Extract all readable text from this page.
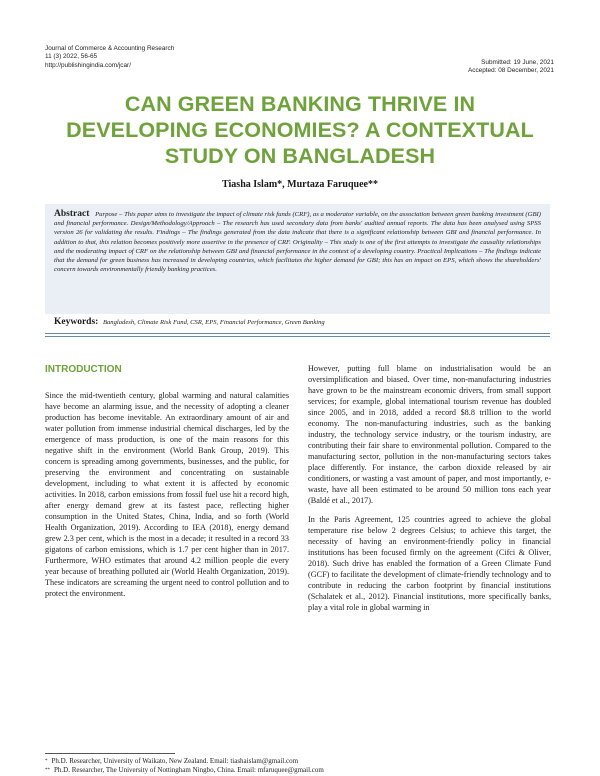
Journal of Commerce & Accounting Research
11 (3) 2022, 56-65
http://publishingindia.com/jcar/	Submitted: 19 June, 2021
Accepted: 08 December, 2021
CAN GREEN BANKING THRIVE IN
DEVELOPING ECONOMIES? A CONTEXTUAL
STUDY ON BANGLADESH
Tiasha Islam*, Murtaza Faruquee**
Abstract Purpose – This paper aims to investigate the impact of climate risk funds (CRF), as a moderator variable, on the association between green banking investment (GBI) and financial performance. Design/Methodology/Approach – The research has used secondary data from banks' audited annual reports. The data has been analysed using SPSS version 26 for validating the results. Findings – The findings generated from the data indicate that there is a significant relationship between GBI and financial performance. In addition to that, this relation becomes positively more assertive in the presence of CRF. Originality – This study is one of the first attempts to investigate the causality relationships and the moderating impact of CRF on the relationship between GBI and financial performance in the context of a developing country. Practical Implications – The findings indicate that the demand for green business has increased in developing countries, which facilitates the higher demand for GBI; this has an impact on EPS, which shows the shareholders' concern towards environmentally friendly banking practices.
Keywords: Bangladesh, Climate Risk Fund, CSR, EPS, Financial Performance, Green Banking
INTRODUCTION

Since the mid-twentieth century, global warming and natural calamities have become an alarming issue, and the necessity of adopting a cleaner production has become inevitable. An extraordinary amount of air and water pollution from immense industrial chemical discharges, led by the emergence of mass production, is one of the main reasons for this negative shift in the environment (World Bank Group, 2019). This concern is spreading among governments, businesses, and the public, for preserving the environment and concentrating on sustainable development, including to what extent it is affected by economic activities. In 2018, carbon emissions from fossil fuel use hit a record high, after energy demand grew at its fastest pace, reflecting higher consumption in the United States, China, India, and so forth (World Health Organization, 2019). According to IEA (2018), energy demand grew 2.3 per cent, which is the most in a decade; it resulted in a record 33 gigatons of carbon emissions, which is 1.7 per cent higher than in 2017. Furthermore, WHO estimates that around 4.2 million people die every year because of breathing polluted air (World Health Organization, 2019). These indicators are screaming the urgent need to control pollution and to protect the environment.

However, putting full blame on industrialisation would be an oversimplification and biased. Over time, non-manufacturing industries have grown to be the mainstream economic drivers, from small support services; for example, global international tourism revenue has doubled since 2005, and in 2018, added a record $8.8 trillion to the world economy. The non-manufacturing industries, such as the banking industry, the technology service industry, or the tourism industry, are contributing their fair share to environmental pollution. Compared to the manufacturing sector, pollution in the non-manufacturing sectors takes place differently. For instance, the carbon dioxide released by air conditioners, or wasting a vast amount of paper, and most importantly, e-waste, have all been estimated to be around 50 million tons each year (Baldé et al., 2017).

In the Paris Agreement, 125 countries agreed to achieve the global temperature rise below 2 degrees Celsius; to achieve this target, the necessity of having an environment-friendly policy in financial institutions has been focused firmly on the agreement (Cifci & Oliver, 2018). Such drive has enabled the formation of a Green Climate Fund (GCF) to facilitate the development of climate-friendly technology and to contribute in reducing the carbon footprint by financial institutions (Schalatek et al., 2012). Financial institutions, more specifically banks, play a vital role in global warming in

* Ph.D. Researcher, University of Waikato, New Zealand. Email: tiashaislam@gmail.com
** Ph.D. Researcher, The University of Nottingham Ningbo, China. Email: mfaruquee@gmail.com
